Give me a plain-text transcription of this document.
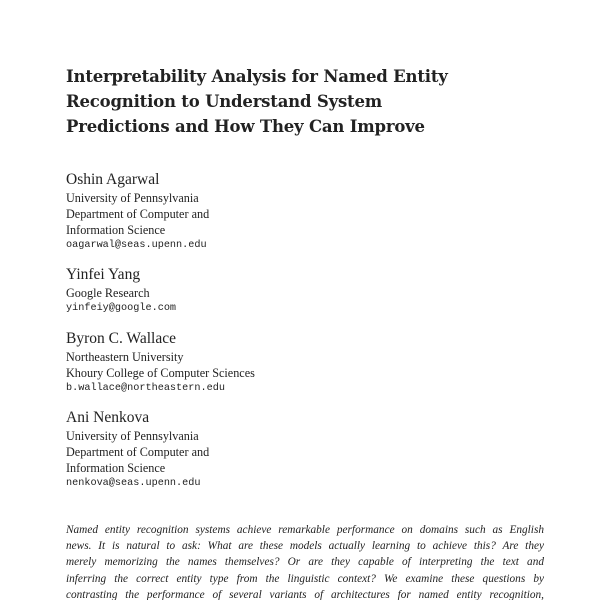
Interpretability Analysis for Named Entity
Recognition to Understand System
Predictions and How They Can Improve
Oshin Agarwal
University of Pennsylvania
Department of Computer and
Information Science
oagarwal@seas.upenn.edu
Yinfei Yang
Google Research
yinfeiy@google.com
Byron C. Wallace
Northeastern University
Khoury College of Computer Sciences
b.wallace@northeastern.edu
Ani Nenkova
University of Pennsylvania
Department of Computer and
Information Science
nenkova@seas.upenn.edu
Named entity recognition systems achieve remarkable performance on domains such as English
news. It is natural to ask: What are these models actually learning to achieve this? Are they
merely memorizing the names themselves? Or are they capable of interpreting the text and
inferring the correct entity type from the linguistic context? We examine these questions by
contrasting the performance of several variants of architectures for named entity recognition,
